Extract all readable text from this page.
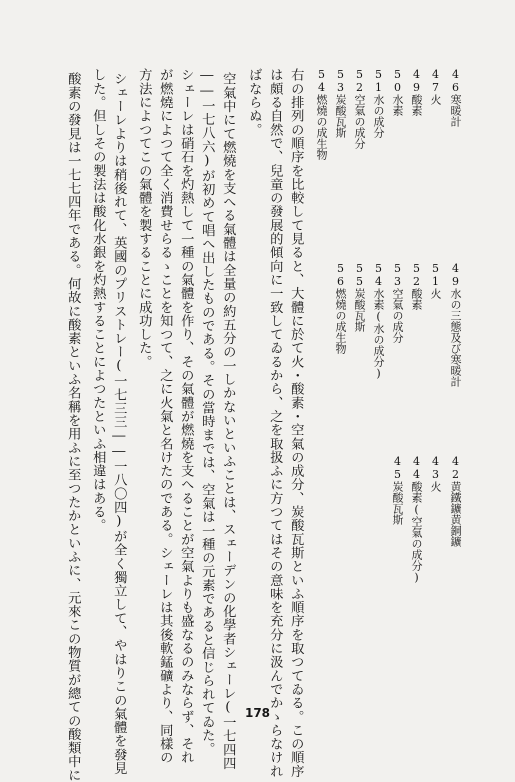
46寒暖計
47火
49酸素
50水素
51水の成分
52空氣の成分
53炭酸瓦斯
54燃燒の成生物
49水の三態及び寒暖計
51火
52酸素
53空氣の成分
54水素(水の成分)
55炭酸瓦斯
56燃燒の成生物
42黄鐵鑛黄銅鑛
43火
44酸素(空氣の成分)
45炭酸瓦斯
右の排列の順序を比較して見ると、大體に於て火・酸素・空氣の成分、炭酸瓦斯といふ順序を取つてゐる。この順序
は頗る自然で、兒童の發展的傾向に一致してゐるから、之を取扱ふに方つてはその意味を充分に汲んでかゝらなけれ
ばならぬ。
空氣中にて燃燒を支へる氣體は全量の約五分の一しかないといふことは、スェーデンの化學者シェーレ(一七四四
――一七八六)が初めて唱へ出したものである。その當時までは、空氣は一種の元素であると信じられてゐた。
シェーレは硝石を灼熱して一種の氣體を作り、その氣體が燃燒を支へることが空氣よりも盛なるのみならず、それ
が燃燒によつて全く消費せらるゝことを知つて、之に火氣と名けたのである。シェーレは其後軟錳礦より、同樣の
方法によつてこの氣體を製することに成功した。
シェーレよりは稍後れて、英國のプリストレー(一七三三――一八〇四)が全く獨立して、やはりこの氣體を發見
した。但しその製法は酸化水銀を灼熱することによつたといふ相違はある。
酸素の發見は一七七四年である。何故に酸素といふ名稱を用ふに至つたかといふに、元來この物質が總ての酸類中に	178
